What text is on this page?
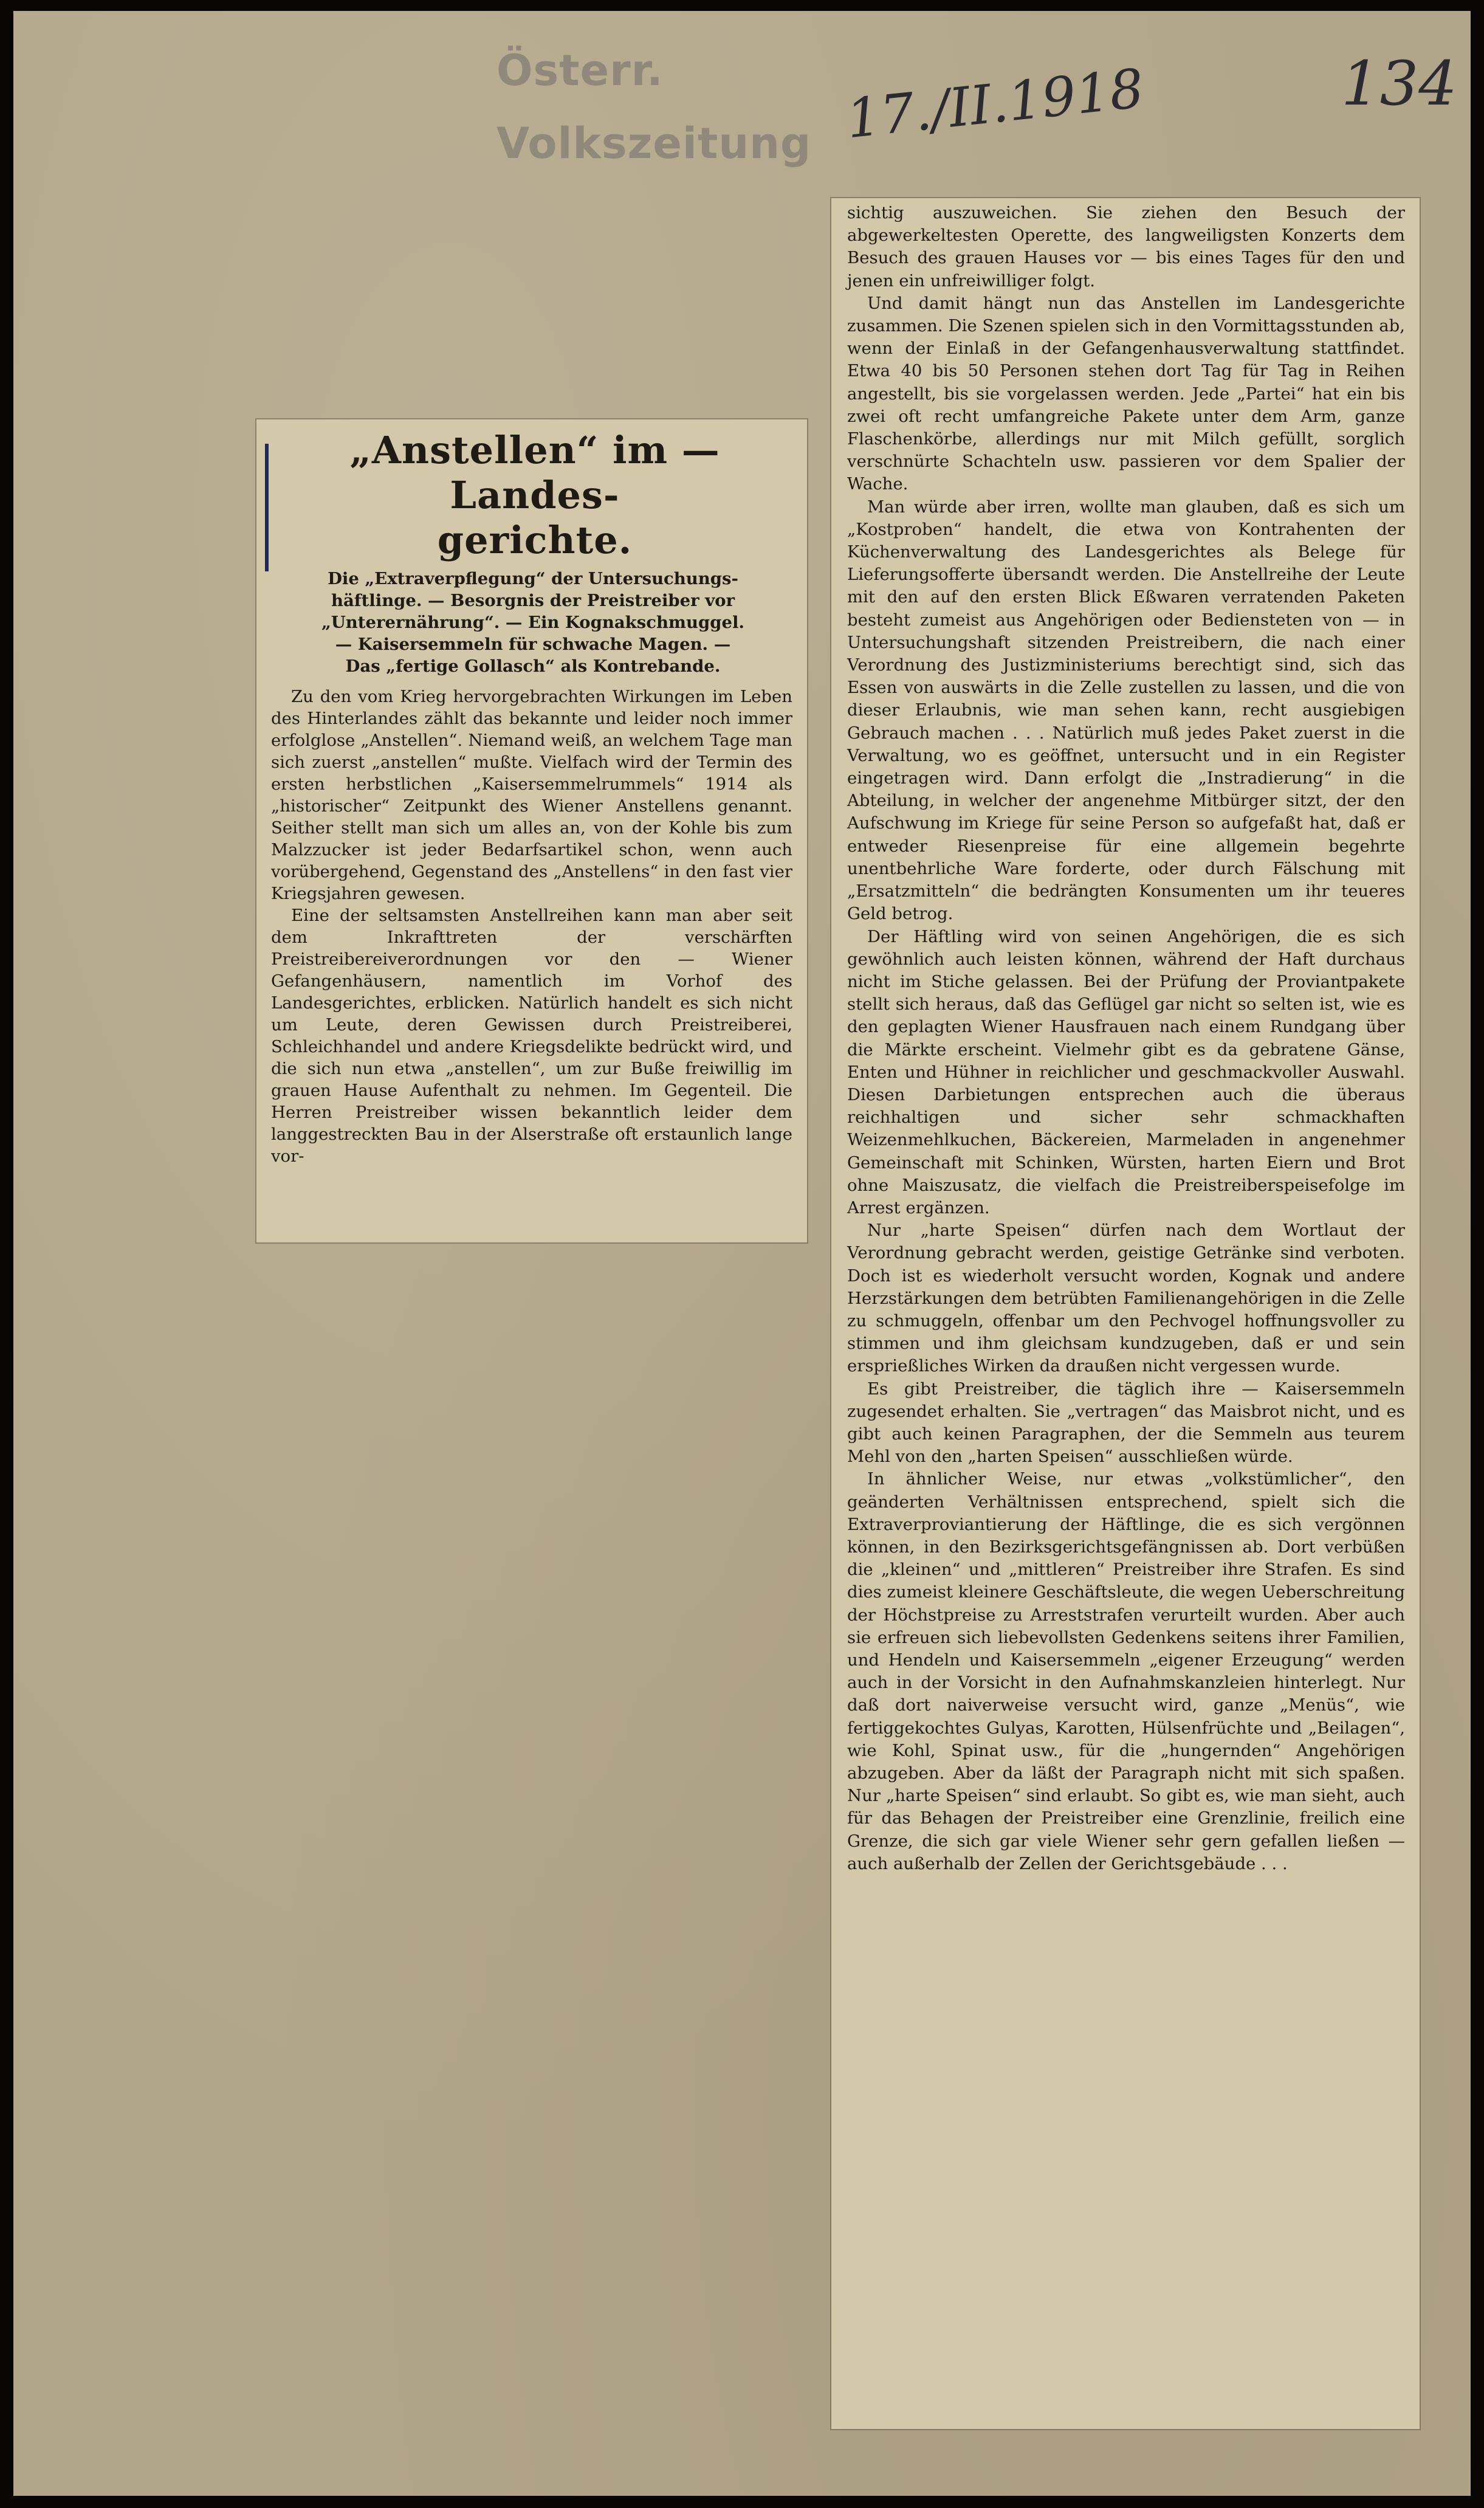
Österr. Volkszeitung 17./II.1918	134

„Anstellen“ im — Landes-
gerichte.
Die „Extraverpflegung“ der Untersuchungs-
häftlinge. — Besorgnis der Preistreiber vor
„Unterernährung“. — Ein Kognakschmuggel.
— Kaisersemmeln für schwache Magen. —
Das „fertige Gollasch“ als Kontrebande.

Zu den vom Krieg hervorgebrachten Wirkungen im Leben des Hinterlandes zählt das bekannte und leider noch immer erfolglose „Anstellen“. Niemand weiß, an welchem Tage man sich zuerst „anstellen“ mußte. Vielfach wird der Termin des ersten herbstlichen „Kaisersemmelrummels“ 1914 als „historischer“ Zeitpunkt des Wiener Anstellens genannt. Seither stellt man sich um alles an, von der Kohle bis zum Malzzucker ist jeder Bedarfsartikel schon, wenn auch vorübergehend, Gegenstand des „Anstellens“ in den fast vier Kriegsjahren gewesen.

Eine der seltsamsten Anstellreihen kann man aber seit dem Inkrafttreten der verschärften Preistreibereiverordnungen vor den — Wiener Gefangenhäusern, namentlich im Vorhof des Landesgerichtes, erblicken. Natürlich handelt es sich nicht um Leute, deren Gewissen durch Preistreiberei, Schleichhandel und andere Kriegsdelikte bedrückt wird, und die sich nun etwa „anstellen“, um zur Buße freiwillig im grauen Hause Aufenthalt zu nehmen. Im Gegenteil. Die Herren Preistreiber wissen bekanntlich leider dem langgestreckten Bau in der Alserstraße oft erstaunlich lange vor-

sichtig auszuweichen. Sie ziehen den Besuch der abgewerkeltesten Operette, des langweiligsten Konzerts dem Besuch des grauen Hauses vor — bis eines Tages für den und jenen ein unfreiwilliger folgt.

Und damit hängt nun das Anstellen im Landesgerichte zusammen. Die Szenen spielen sich in den Vormittagsstunden ab, wenn der Einlaß in der Gefangenhausverwaltung stattfindet. Etwa 40 bis 50 Personen stehen dort Tag für Tag in Reihen angestellt, bis sie vorgelassen werden. Jede „Partei“ hat ein bis zwei oft recht umfangreiche Pakete unter dem Arm, ganze Flaschenkörbe, allerdings nur mit Milch gefüllt, sorglich verschnürte Schachteln usw. passieren vor dem Spalier der Wache.

Man würde aber irren, wollte man glauben, daß es sich um „Kostproben“ handelt, die etwa von Kontrahenten der Küchenverwaltung des Landesgerichtes als Belege für Lieferungsofferte übersandt werden. Die Anstellreihe der Leute mit den auf den ersten Blick Eßwaren verratenden Paketen besteht zumeist aus Angehörigen oder Bediensteten von — in Untersuchungshaft sitzenden Preistreibern, die nach einer Verordnung des Justizministeriums berechtigt sind, sich das Essen von auswärts in die Zelle zustellen zu lassen, und die von dieser Erlaubnis, wie man sehen kann, recht ausgiebigen Gebrauch machen . . . Natürlich muß jedes Paket zuerst in die Verwaltung, wo es geöffnet, untersucht und in ein Register eingetragen wird. Dann erfolgt die „Instradierung“ in die Abteilung, in welcher der angenehme Mitbürger sitzt, der den Aufschwung im Kriege für seine Person so aufgefaßt hat, daß er entweder Riesenpreise für eine allgemein begehrte unentbehrliche Ware forderte, oder durch Fälschung mit „Ersatzmitteln“ die bedrängten Konsumenten um ihr teueres Geld betrog.

Der Häftling wird von seinen Angehörigen, die es sich gewöhnlich auch leisten können, während der Haft durchaus nicht im Stiche gelassen. Bei der Prüfung der Proviantpakete stellt sich heraus, daß das Geflügel gar nicht so selten ist, wie es den geplagten Wiener Hausfrauen nach einem Rundgang über die Märkte erscheint. Vielmehr gibt es da gebratene Gänse, Enten und Hühner in reichlicher und geschmackvoller Auswahl. Diesen Darbietungen entsprechen auch die überaus reichhaltigen und sicher sehr schmackhaften Weizenmehlkuchen, Bäckereien, Marmeladen in angenehmer Gemeinschaft mit Schinken, Würsten, harten Eiern und Brot ohne Maiszusatz, die vielfach die Preistreiberspeisefolge im Arrest ergänzen.

Nur „harte Speisen“ dürfen nach dem Wortlaut der Verordnung gebracht werden, geistige Getränke sind verboten. Doch ist es wiederholt versucht worden, Kognak und andere Herzstärkungen dem betrübten Familienangehörigen in die Zelle zu schmuggeln, offenbar um den Pechvogel hoffnungsvoller zu stimmen und ihm gleichsam kundzugeben, daß er und sein ersprießliches Wirken da draußen nicht vergessen wurde.

Es gibt Preistreiber, die täglich ihre — Kaisersemmeln zugesendet erhalten. Sie „vertragen“ das Maisbrot nicht, und es gibt auch keinen Paragraphen, der die Semmeln aus teurem Mehl von den „harten Speisen“ ausschließen würde.

In ähnlicher Weise, nur etwas „volkstümlicher“, den geänderten Verhältnissen entsprechend, spielt sich die Extraverproviantierung der Häftlinge, die es sich vergönnen können, in den Bezirksgerichtsgefängnissen ab. Dort verbüßen die „kleinen“ und „mittleren“ Preistreiber ihre Strafen. Es sind dies zumeist kleinere Geschäftsleute, die wegen Ueberschreitung der Höchstpreise zu Arreststrafen verurteilt wurden. Aber auch sie erfreuen sich liebevollsten Gedenkens seitens ihrer Familien, und Hendeln und Kaisersemmeln „eigener Erzeugung“ werden auch in der Vorsicht in den Aufnahmskanzleien hinterlegt. Nur daß dort naiverweise versucht wird, ganze „Menüs“, wie fertiggekochtes Gulyas, Karotten, Hülsenfrüchte und „Beilagen“, wie Kohl, Spinat usw., für die „hungernden“ Angehörigen abzugeben. Aber da läßt der Paragraph nicht mit sich spaßen. Nur „harte Speisen“ sind erlaubt. So gibt es, wie man sieht, auch für das Behagen der Preistreiber eine Grenzlinie, freilich eine Grenze, die sich gar viele Wiener sehr gern gefallen ließen — auch außerhalb der Zellen der Gerichtsgebäude . . .
